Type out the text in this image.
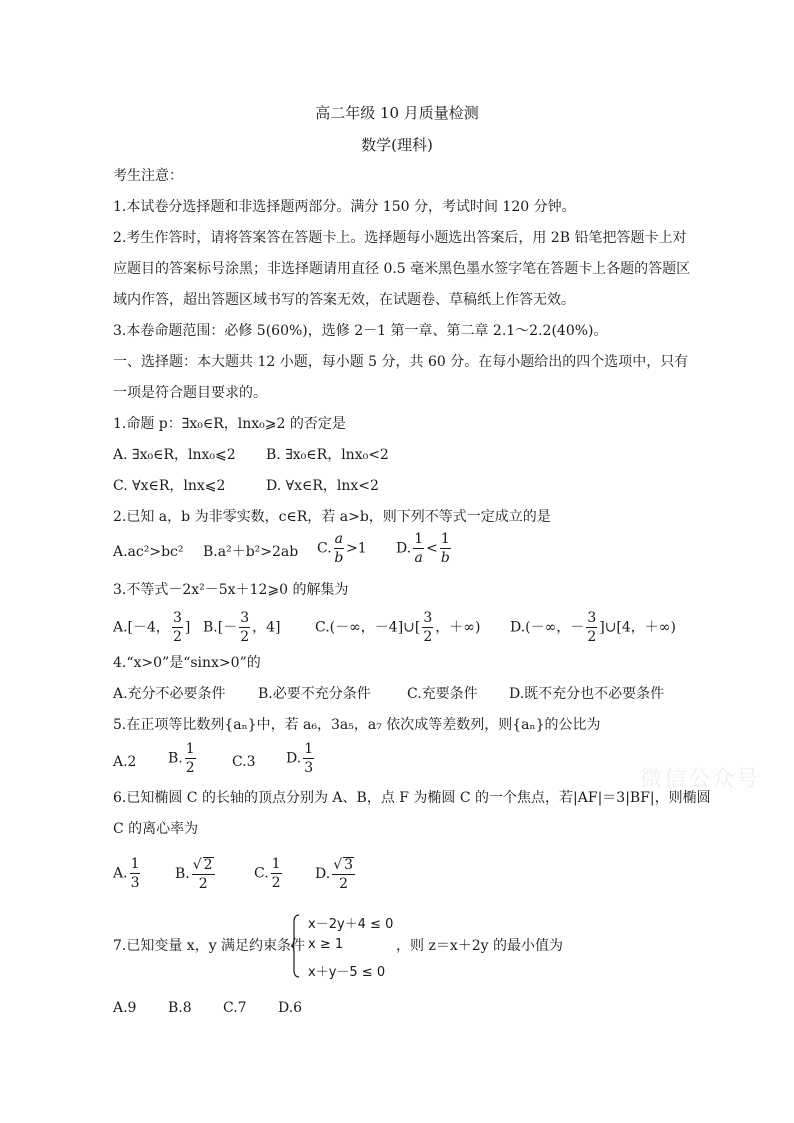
高二年级 10 月质量检测
数学(理科)
考生注意：
1.本试卷分选择题和非选择题两部分。满分 150 分，考试时间 120 分钟。
2.考生作答时，请将答案答在答题卡上。选择题每小题选出答案后，用 2B 铅笔把答题卡上对
应题目的答案标号涂黑；非选择题请用直径 0.5 毫米黑色墨水签字笔在答题卡上各题的答题区
域内作答，超出答题区域书写的答案无效，在试题卷、草稿纸上作答无效。
3.本卷命题范围：必修 5(60%)，选修 2－1 第一章、第二章 2.1～2.2(40%)。
一、选择题：本大题共 12 小题，每小题 5 分，共 60 分。在每小题给出的四个选项中，只有
一项是符合题目要求的。
1.命题 p：∃x₀∈R，lnx₀⩾2 的否定是
A. ∃x₀∈R，lnx₀⩽2 B. ∃x₀∈R，lnx₀<2
C. ∀x∈R，lnx⩽2	D. ∀x∈R，lnx<2
2.已知 a，b 为非零实数，c∈R，若 a>b，则下列不等式一定成立的是
A.ac²>bc² B.a²＋b²>2ab C. $\frac{a}{b} >1$ D. $\frac{1}{a} < \frac{1}{b}$
3.不等式－2x²－5x＋12⩾0 的解集为
A.[－4， $\frac{3}{2}$ ] $B.[- \frac{3}{2}$ ，4] C.(－∞，－4]∪[ $\frac{3}{2}$ ，＋∞) D.(－∞，－ $\frac{3}{2}$ ]∪[4，＋∞)
4.“x>0”是“sinx>0”的
A.充分不必要条件 B.必要不充分条件	C.充要条件 D.既不充分也不必要条件
5.在正项等比数列{aₙ}中，若 a₆，3a₅，a₇ 依次成等差数列，则{aₙ}的公比为
A.2 B. $\frac{1}{2}$	C.3 D. $\frac{1}{3}$
6.已知椭圆 C 的长轴的顶点分别为 A、B，点 F 为椭圆 C 的一个焦点，若|AF|＝3|BF|，则椭圆
C 的离心率为
A. $\frac{1}{3} B$. $\frac{√ 2}{2}$	C. $\frac{1}{2} D$. $\frac{√ 3}{2}$
7.已知变量 x，y 满足约束条件
x－2y＋4 ≤ 0
x ≥ 1
x＋y－5 ≤ 0
，则 z＝x＋2y 的最小值为
A.9 B.8 C.7 D.6
微信公众号
